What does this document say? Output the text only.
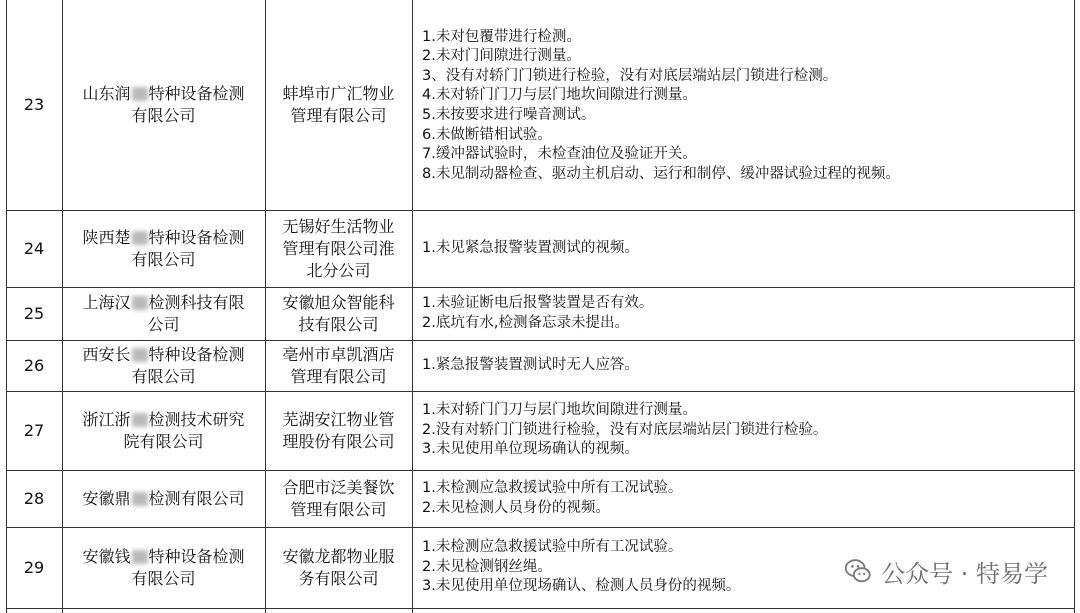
23
山东润 特种设备检测
有限公司
蚌埠市广汇物业
管理有限公司
1.未对包覆带进行检测。
2.未对门间隙进行测量。
3、没有对轿门门锁进行检验，没有对底层端站层门锁进行检测。
4.未对轿门门刀与层门地坎间隙进行测量。
5.未按要求进行噪音测试。
6.未做断错相试验。
7.缓冲器试验时，未检查油位及验证开关。
8.未见制动器检查、驱动主机启动、运行和制停、缓冲器试验过程的视频。
24
陕西楚 特种设备检测
有限公司
无锡好生活物业
管理有限公司淮
北分公司
1.未见紧急报警装置测试的视频。
25
上海汉 检测科技有限
公司
安徽旭众智能科
技有限公司
1.未验证断电后报警装置是否有效。
2.底坑有水,检测备忘录未提出。
26
西安长 特种设备检测
有限公司
亳州市卓凯酒店
管理有限公司
1.紧急报警装置测试时无人应答。
27
浙江浙 检测技术研究
院有限公司
芜湖安江物业管
理股份有限公司
1.未对轿门门刀与层门地坎间隙进行测量。
2.没有对轿门门锁进行检验，没有对底层端站层门锁进行检验。
3.未见使用单位现场确认的视频。
28 安徽鼎 检测有限公司
合肥市泛美餐饮
管理有限公司
1.未检测应急救援试验中所有工况试验。
2.未见检测人员身份的视频。
29
安徽钱 特种设备检测
有限公司
安徽龙都物业服
务有限公司
1.未检测应急救援试验中所有工况试验。
2.未见检测钢丝绳。
3.未见使用单位现场确认、检测人员身份的视频。	公众号 · 特易学
